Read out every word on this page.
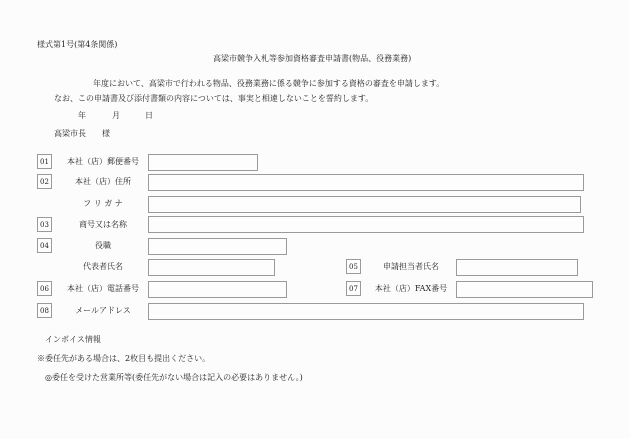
様式第1号(第4条関係)
高梁市競争入札等参加資格審査申請書(物品、役務業務)
年度において、高梁市で行われる物品、役務業務に係る競争に参加する資格の審査を申請します。
なお、この申請書及び添付書類の内容については、事実と相違しないことを誓約します。
年	月	日
高梁市長 様
01	本社（店）郵便番号
02	本社（店）住所
フ リ ガ ナ
03	商号又は名称
04	役職
代表者氏名	05	申請担当者氏名
06	本社（店）電話番号	07	本社（店）FAX番号
08	メールアドレス
インボイス情報
※委任先がある場合は、2枚目も提出ください。
◎委任を受けた営業所等(委任先がない場合は記入の必要はありません。)
